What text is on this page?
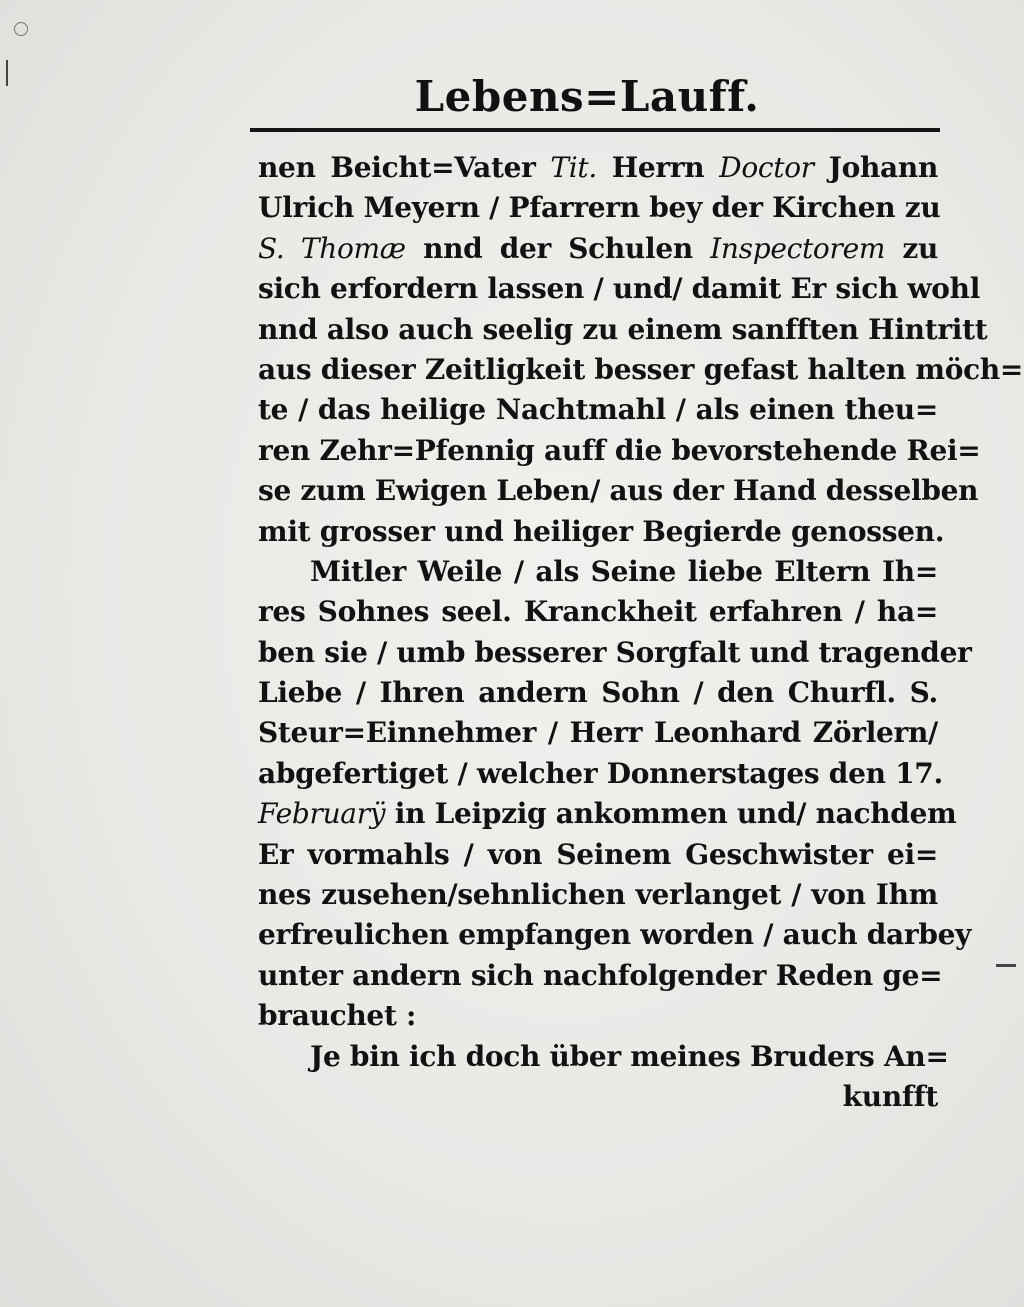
Lebens=Lauff.
nen Beicht=Vater Tit. Herrn Doctor Johann
Ulrich Meyern / Pfarrern bey der Kirchen zu
S. Thomæ nnd der Schulen Inspectorem zu
sich erfordern lassen / und/ damit Er sich wohl
nnd also auch seelig zu einem sanfften Hintritt
aus dieser Zeitligkeit besser gefast halten möch=
te / das heilige Nachtmahl / als einen theu=
ren Zehr=Pfennig auff die bevorstehende Rei=
se zum Ewigen Leben/ aus der Hand desselben
mit grosser und heiliger Begierde genossen.
Mitler Weile / als Seine liebe Eltern Ih=
res Sohnes seel. Kranckheit erfahren / ha=
ben sie / umb besserer Sorgfalt und tragender
Liebe / Ihren andern Sohn / den Churfl. S.
Steur=Einnehmer / Herr Leonhard Zörlern/
abgefertiget / welcher Donnerstages den 17.
Februarÿ in Leipzig ankommen und/ nachdem
Er vormahls / von Seinem Geschwister ei=
nes zusehen/sehnlichen verlanget / von Ihm
erfreulichen empfangen worden / auch darbey
unter andern sich nachfolgender Reden ge=
brauchet :
Je bin ich doch über meines Bruders An=
kunfft
